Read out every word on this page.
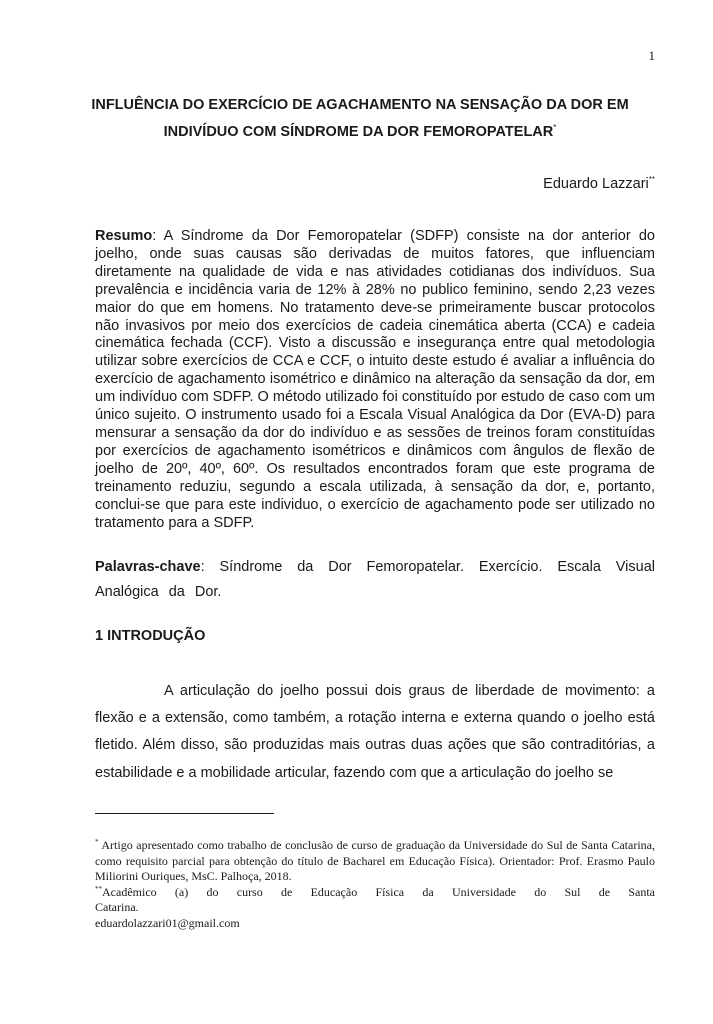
1
INFLUÊNCIA DO EXERCÍCIO DE AGACHAMENTO NA SENSAÇÃO DA DOR EM
INDIVÍDUO COM SÍNDROME DA DOR FEMOROPATELAR*
Eduardo Lazzari**
Resumo: A Síndrome da Dor Femoropatelar (SDFP) consiste na dor anterior do joelho, onde suas causas são derivadas de muitos fatores, que influenciam diretamente na qualidade de vida e nas atividades cotidianas dos indivíduos. Sua prevalência e incidência varia de 12% à 28% no publico feminino, sendo 2,23 vezes maior do que em homens. No tratamento deve-se primeiramente buscar protocolos não invasivos por meio dos exercícios de cadeia cinemática aberta (CCA) e cadeia cinemática fechada (CCF). Visto a discussão e insegurança entre qual metodologia utilizar sobre exercícios de CCA e CCF, o intuito deste estudo é avaliar a influência do exercício de agachamento isométrico e dinâmico na alteração da sensação da dor, em um indivíduo com SDFP. O método utilizado foi constituído por estudo de caso com um único sujeito. O instrumento usado foi a Escala Visual Analógica da Dor (EVA-D) para mensurar a sensação da dor do indivíduo e as sessões de treinos foram constituídas por exercícios de agachamento isométricos e dinâmicos com ângulos de flexão de joelho de 20º, 40º, 60º. Os resultados encontrados foram que este programa de treinamento reduziu, segundo a escala utilizada, à sensação da dor, e, portanto, conclui-se que para este individuo, o exercício de agachamento pode ser utilizado no tratamento para a SDFP.
Palavras-chave: Síndrome da Dor Femoropatelar. Exercício. Escala Visual Analógica da Dor.
1 INTRODUÇÃO
A articulação do joelho possui dois graus de liberdade de movimento: a flexão e a extensão, como também, a rotação interna e externa quando o joelho está fletido. Além disso, são produzidas mais outras duas ações que são contraditórias, a estabilidade e a mobilidade articular, fazendo com que a articulação do joelho se

* Artigo apresentado como trabalho de conclusão de curso de graduação da Universidade do Sul de Santa Catarina, como requisito parcial para obtenção do título de Bacharel em Educação Física). Orientador: Prof. Erasmo Paulo Miliorini Ouriques, MsC. Palhoça, 2018.

**Acadêmico (a) do curso de Educação Física da Universidade do Sul de Santa Catarina.
eduardolazzari01@gmail.com
